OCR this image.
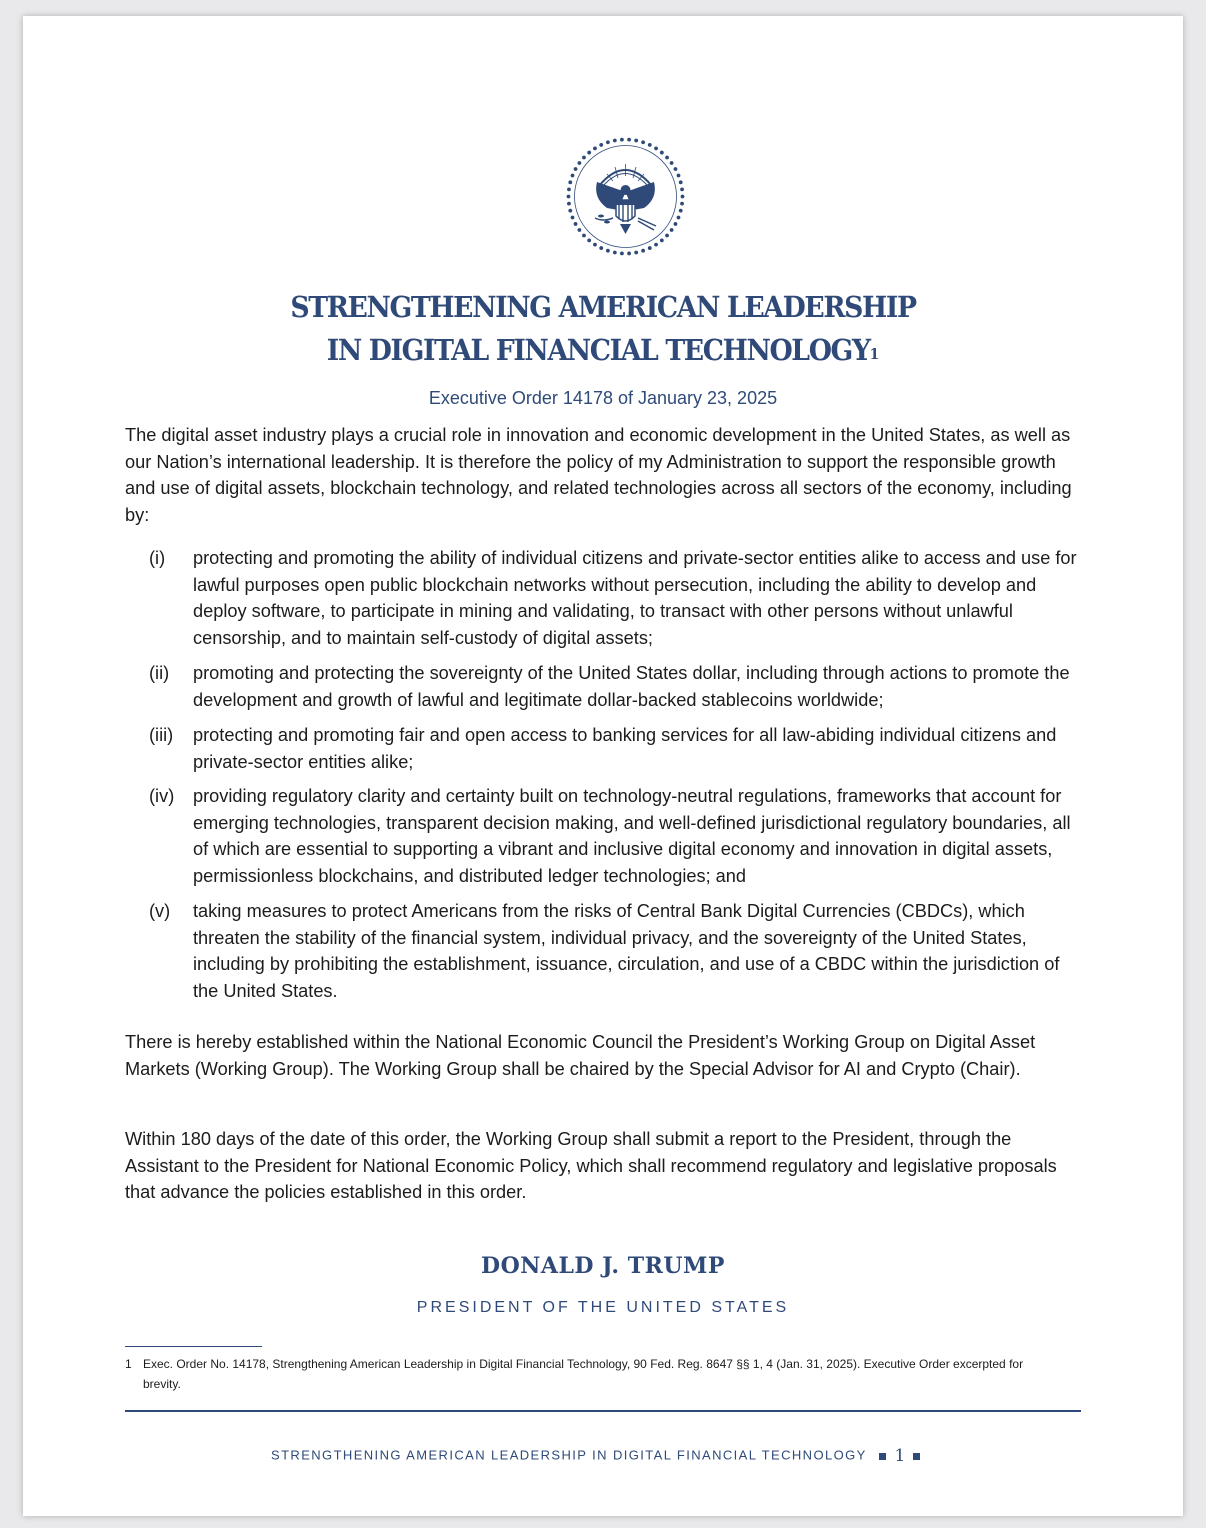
STRENGTHENING AMERICAN LEADERSHIP
IN DIGITAL FINANCIAL TECHNOLOGY$^1$
Executive Order 14178 of January 23, 2025

The digital asset industry plays a crucial role in innovation and economic development in the United States, as well as our Nation’s international leadership. It is therefore the policy of my Administration to support the responsible growth and use of digital assets, blockchain technology, and related technologies across all sectors of the economy, including by:

(i)	protecting and promoting the ability of individual citizens and private-sector entities alike to access and use for lawful purposes open public blockchain networks without persecution, including the ability to develop and deploy software, to participate in mining and validating, to transact with other persons without unlawful censorship, and to maintain self-custody of digital assets;
(ii)	promoting and protecting the sovereignty of the United States dollar, including through actions to promote the development and growth of lawful and legitimate dollar-backed stablecoins worldwide;
(iii)	protecting and promoting fair and open access to banking services for all law-abiding individual citizens and private-sector entities alike;
(iv)	providing regulatory clarity and certainty built on technology-neutral regulations, frameworks that account for emerging technologies, transparent decision making, and well-defined jurisdictional regulatory boundaries, all of which are essential to supporting a vibrant and inclusive digital economy and innovation in digital assets, permissionless blockchains, and distributed ledger technologies; and
(v)	taking measures to protect Americans from the risks of Central Bank Digital Currencies (CBDCs), which threaten the stability of the financial system, individual privacy, and the sovereignty of the United States, including by prohibiting the establishment, issuance, circulation, and use of a CBDC within the jurisdiction of the United States.

There is hereby established within the National Economic Council the President’s Working Group on Digital Asset Markets (Working Group). The Working Group shall be chaired by the Special Advisor for AI and Crypto (Chair).

Within 180 days of the date of this order, the Working Group shall submit a report to the President, through the Assistant to the President for National Economic Policy, which shall recommend regulatory and legislative proposals that advance the policies established in this order.

DONALD J. TRUMP
PRESIDENT OF THE UNITED STATES
1 Exec. Order No. 14178, Strengthening American Leadership in Digital Financial Technology, 90 Fed. Reg. 8647 §§ 1, 4 (Jan. 31, 2025). Executive Order excerpted for brevity.
STRENGTHENING AMERICAN LEADERSHIP IN DIGITAL FINANCIAL TECHNOLOGY 1
